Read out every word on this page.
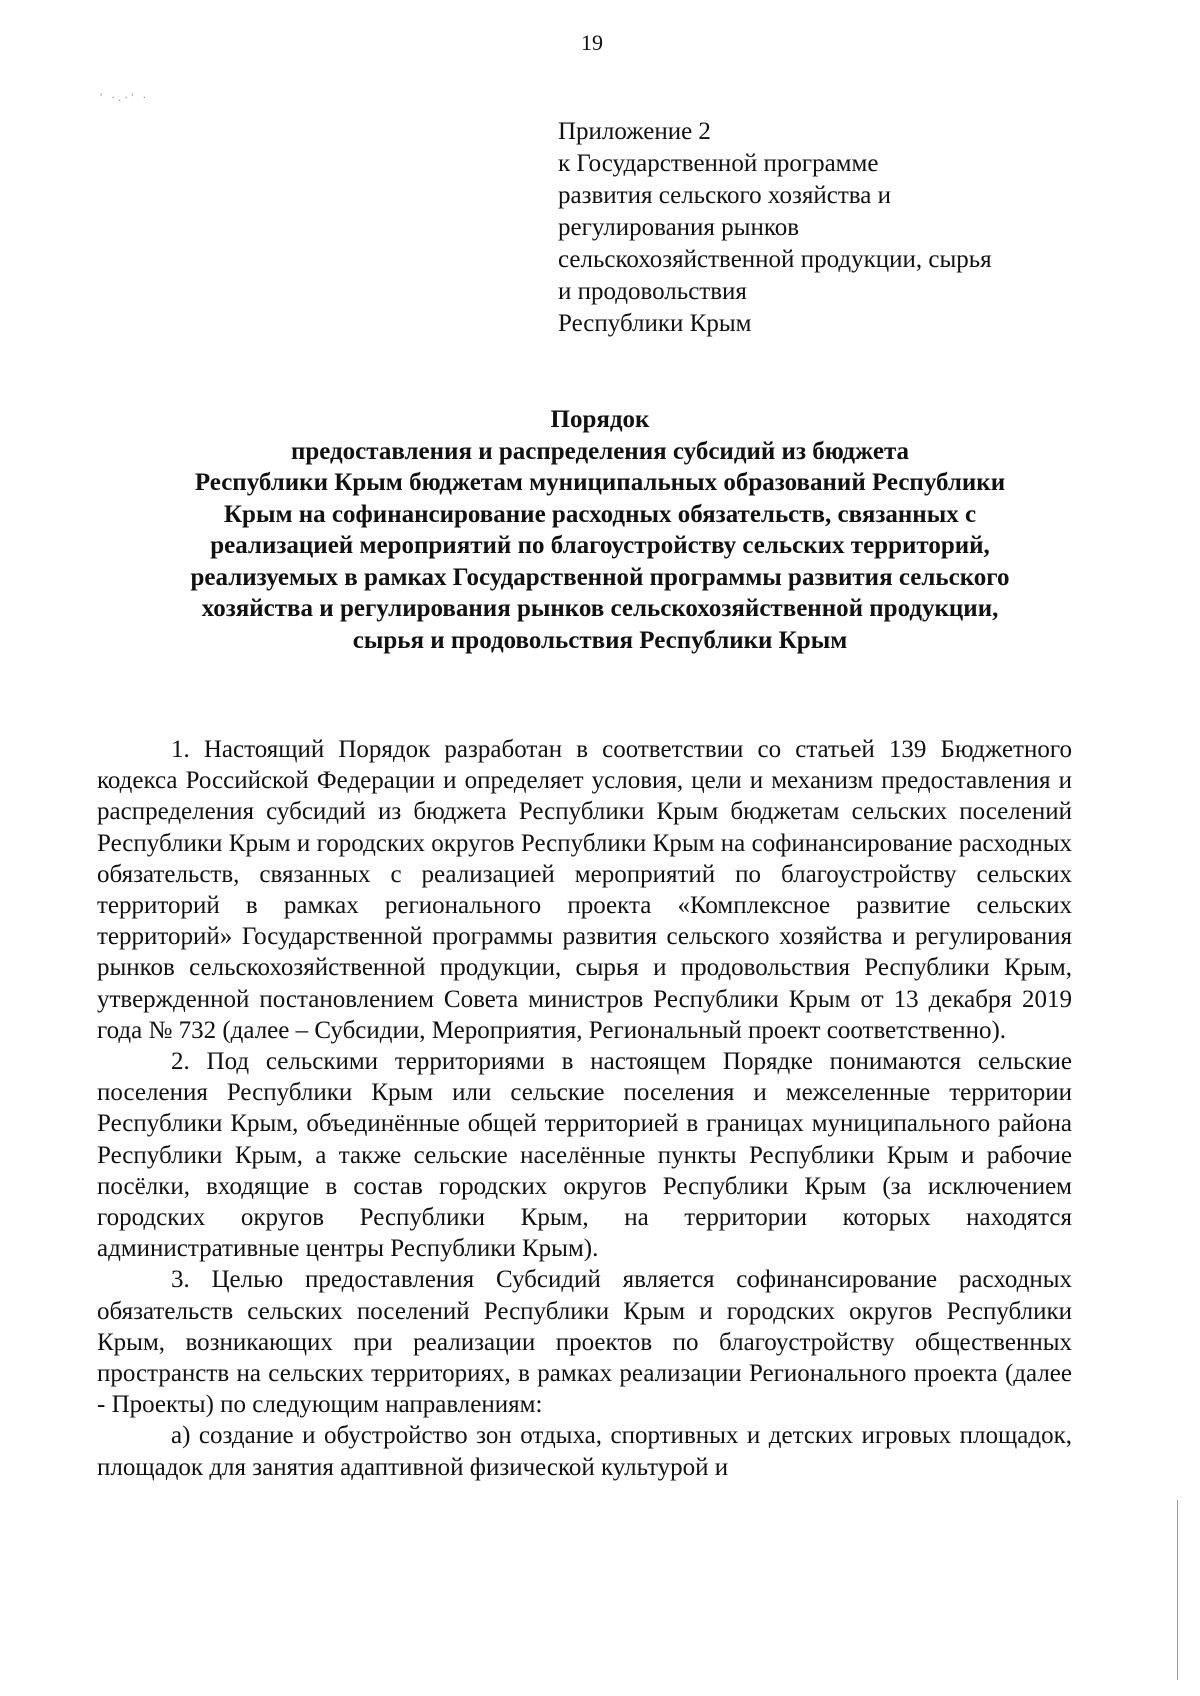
19
' ·.·' ·
Приложение 2
к Государственной программе
развития сельского хозяйства и
регулирования рынков
сельскохозяйственной продукции, сырья
и продовольствия
Республики Крым
Порядок
предоставления и распределения субсидий из бюджета
Республики Крым бюджетам муниципальных образований Республики
Крым на софинансирование расходных обязательств, связанных с
реализацией мероприятий по благоустройству сельских территорий,
реализуемых в рамках Государственной программы развития сельского
хозяйства и регулирования рынков сельскохозяйственной продукции,
сырья и продовольствия Республики Крым

1. Настоящий Порядок разработан в соответствии со статьей 139 Бюджетного кодекса Российской Федерации и определяет условия, цели и механизм предоставления и распределения субсидий из бюджета Республики Крым бюджетам сельских поселений Республики Крым и городских округов Республики Крым на софинансирование расходных обязательств, связанных с реализацией мероприятий по благоустройству сельских территорий в рамках регионального проекта «Комплексное развитие сельских территорий» Государственной программы развития сельского хозяйства и регулирования рынков сельскохозяйственной продукции, сырья и продовольствия Республики Крым, утвержденной постановлением Совета министров Республики Крым от 13 декабря 2019 года № 732 (далее – Субсидии, Мероприятия, Региональный проект соответственно).

2. Под сельскими территориями в настоящем Порядке понимаются сельские поселения Республики Крым или сельские поселения и межселенные территории Республики Крым, объединённые общей территорией в границах муниципального района Республики Крым, а также сельские населённые пункты Республики Крым и рабочие посёлки, входящие в состав городских округов Республики Крым (за исключением городских округов Республики Крым, на территории которых находятся административные центры Республики Крым).

3. Целью предоставления Субсидий является софинансирование расходных обязательств сельских поселений Республики Крым и городских округов Республики Крым, возникающих при реализации проектов по благоустройству общественных пространств на сельских территориях, в рамках реализации Регионального проекта (далее - Проекты) по следующим направлениям:

а) создание и обустройство зон отдыха, спортивных и детских игровых площадок, площадок для занятия адаптивной физической культурой и
